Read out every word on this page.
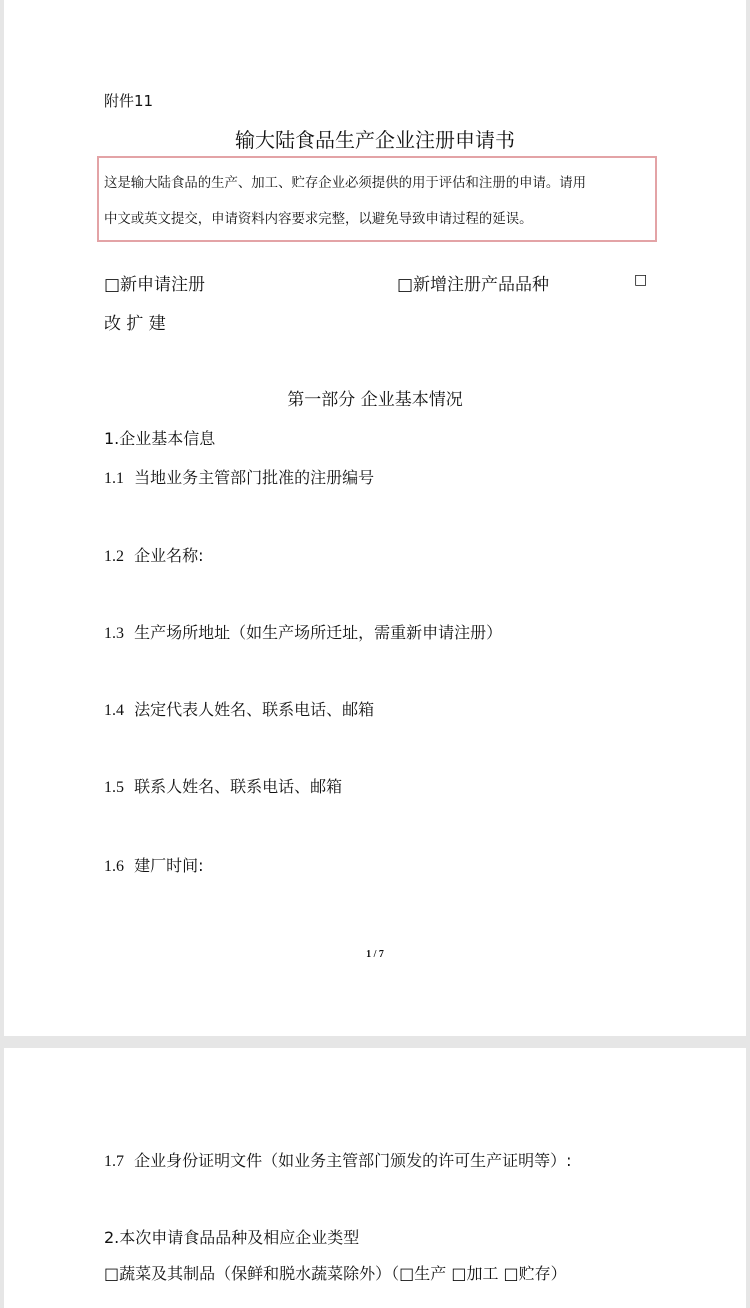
附件11
输大陆食品生产企业注册申请书
这是输大陆食品的生产、加工、贮存企业必须提供的用于评估和注册的申请。请用
中文或英文提交，申请资料内容要求完整，以避免导致申请过程的延误。
□新申请注册	□新增注册产品品种	□
改 扩 建
第一部分 企业基本情况
1.企业基本信息
1.1 当地业务主管部门批准的注册编号
1.2 企业名称:
1.3 生产场所地址（如生产场所迁址，需重新申请注册）
1.4 法定代表人姓名、联系电话、邮箱
1.5 联系人姓名、联系电话、邮箱
1.6 建厂时间:
1 / 7
1.7 企业身份证明文件（如业务主管部门颁发的许可生产证明等）:
2.本次申请食品品种及相应企业类型
□蔬菜及其制品（保鲜和脱水蔬菜除外）（□生产 □加工 □贮存）
